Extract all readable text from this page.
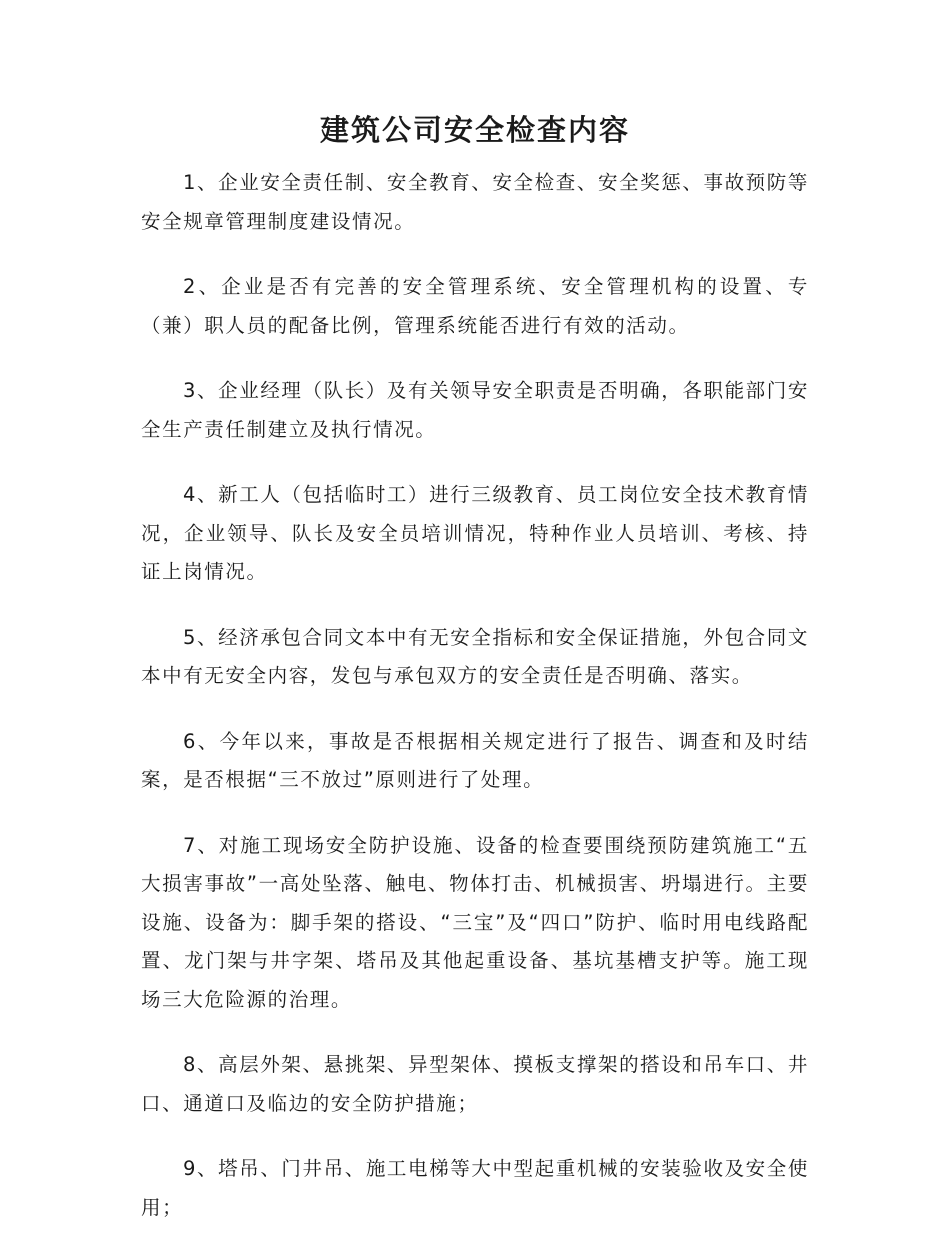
建筑公司安全检查内容

1、企业安全责任制、安全教育、安全检查、安全奖惩、事故预防等安全规章管理制度建设情况。

2、企业是否有完善的安全管理系统、安全管理机构的设置、专（兼）职人员的配备比例，管理系统能否进行有效的活动。

3、企业经理（队长）及有关领导安全职责是否明确，各职能部门安全生产责任制建立及执行情况。

4、新工人（包括临时工）进行三级教育、员工岗位安全技术教育情况，企业领导、队长及安全员培训情况，特种作业人员培训、考核、持证上岗情况。

5、经济承包合同文本中有无安全指标和安全保证措施，外包合同文本中有无安全内容，发包与承包双方的安全责任是否明确、落实。

6、今年以来，事故是否根据相关规定进行了报告、调查和及时结案，是否根据“三不放过”原则进行了处理。

7、对施工现场安全防护设施、设备的检查要围绕预防建筑施工“五大损害事故”一高处坠落、触电、物体打击、机械损害、坍塌进行。主要设施、设备为：脚手架的搭设、“三宝”及“四口”防护、临时用电线路配置、龙门架与井字架、塔吊及其他起重设备、基坑基槽支护等。施工现场三大危险源的治理。

8、高层外架、悬挑架、异型架体、摸板支撑架的搭设和吊车口、井口、通道口及临边的安全防护措施；

9、塔吊、门井吊、施工电梯等大中型起重机械的安装验收及安全使用；
